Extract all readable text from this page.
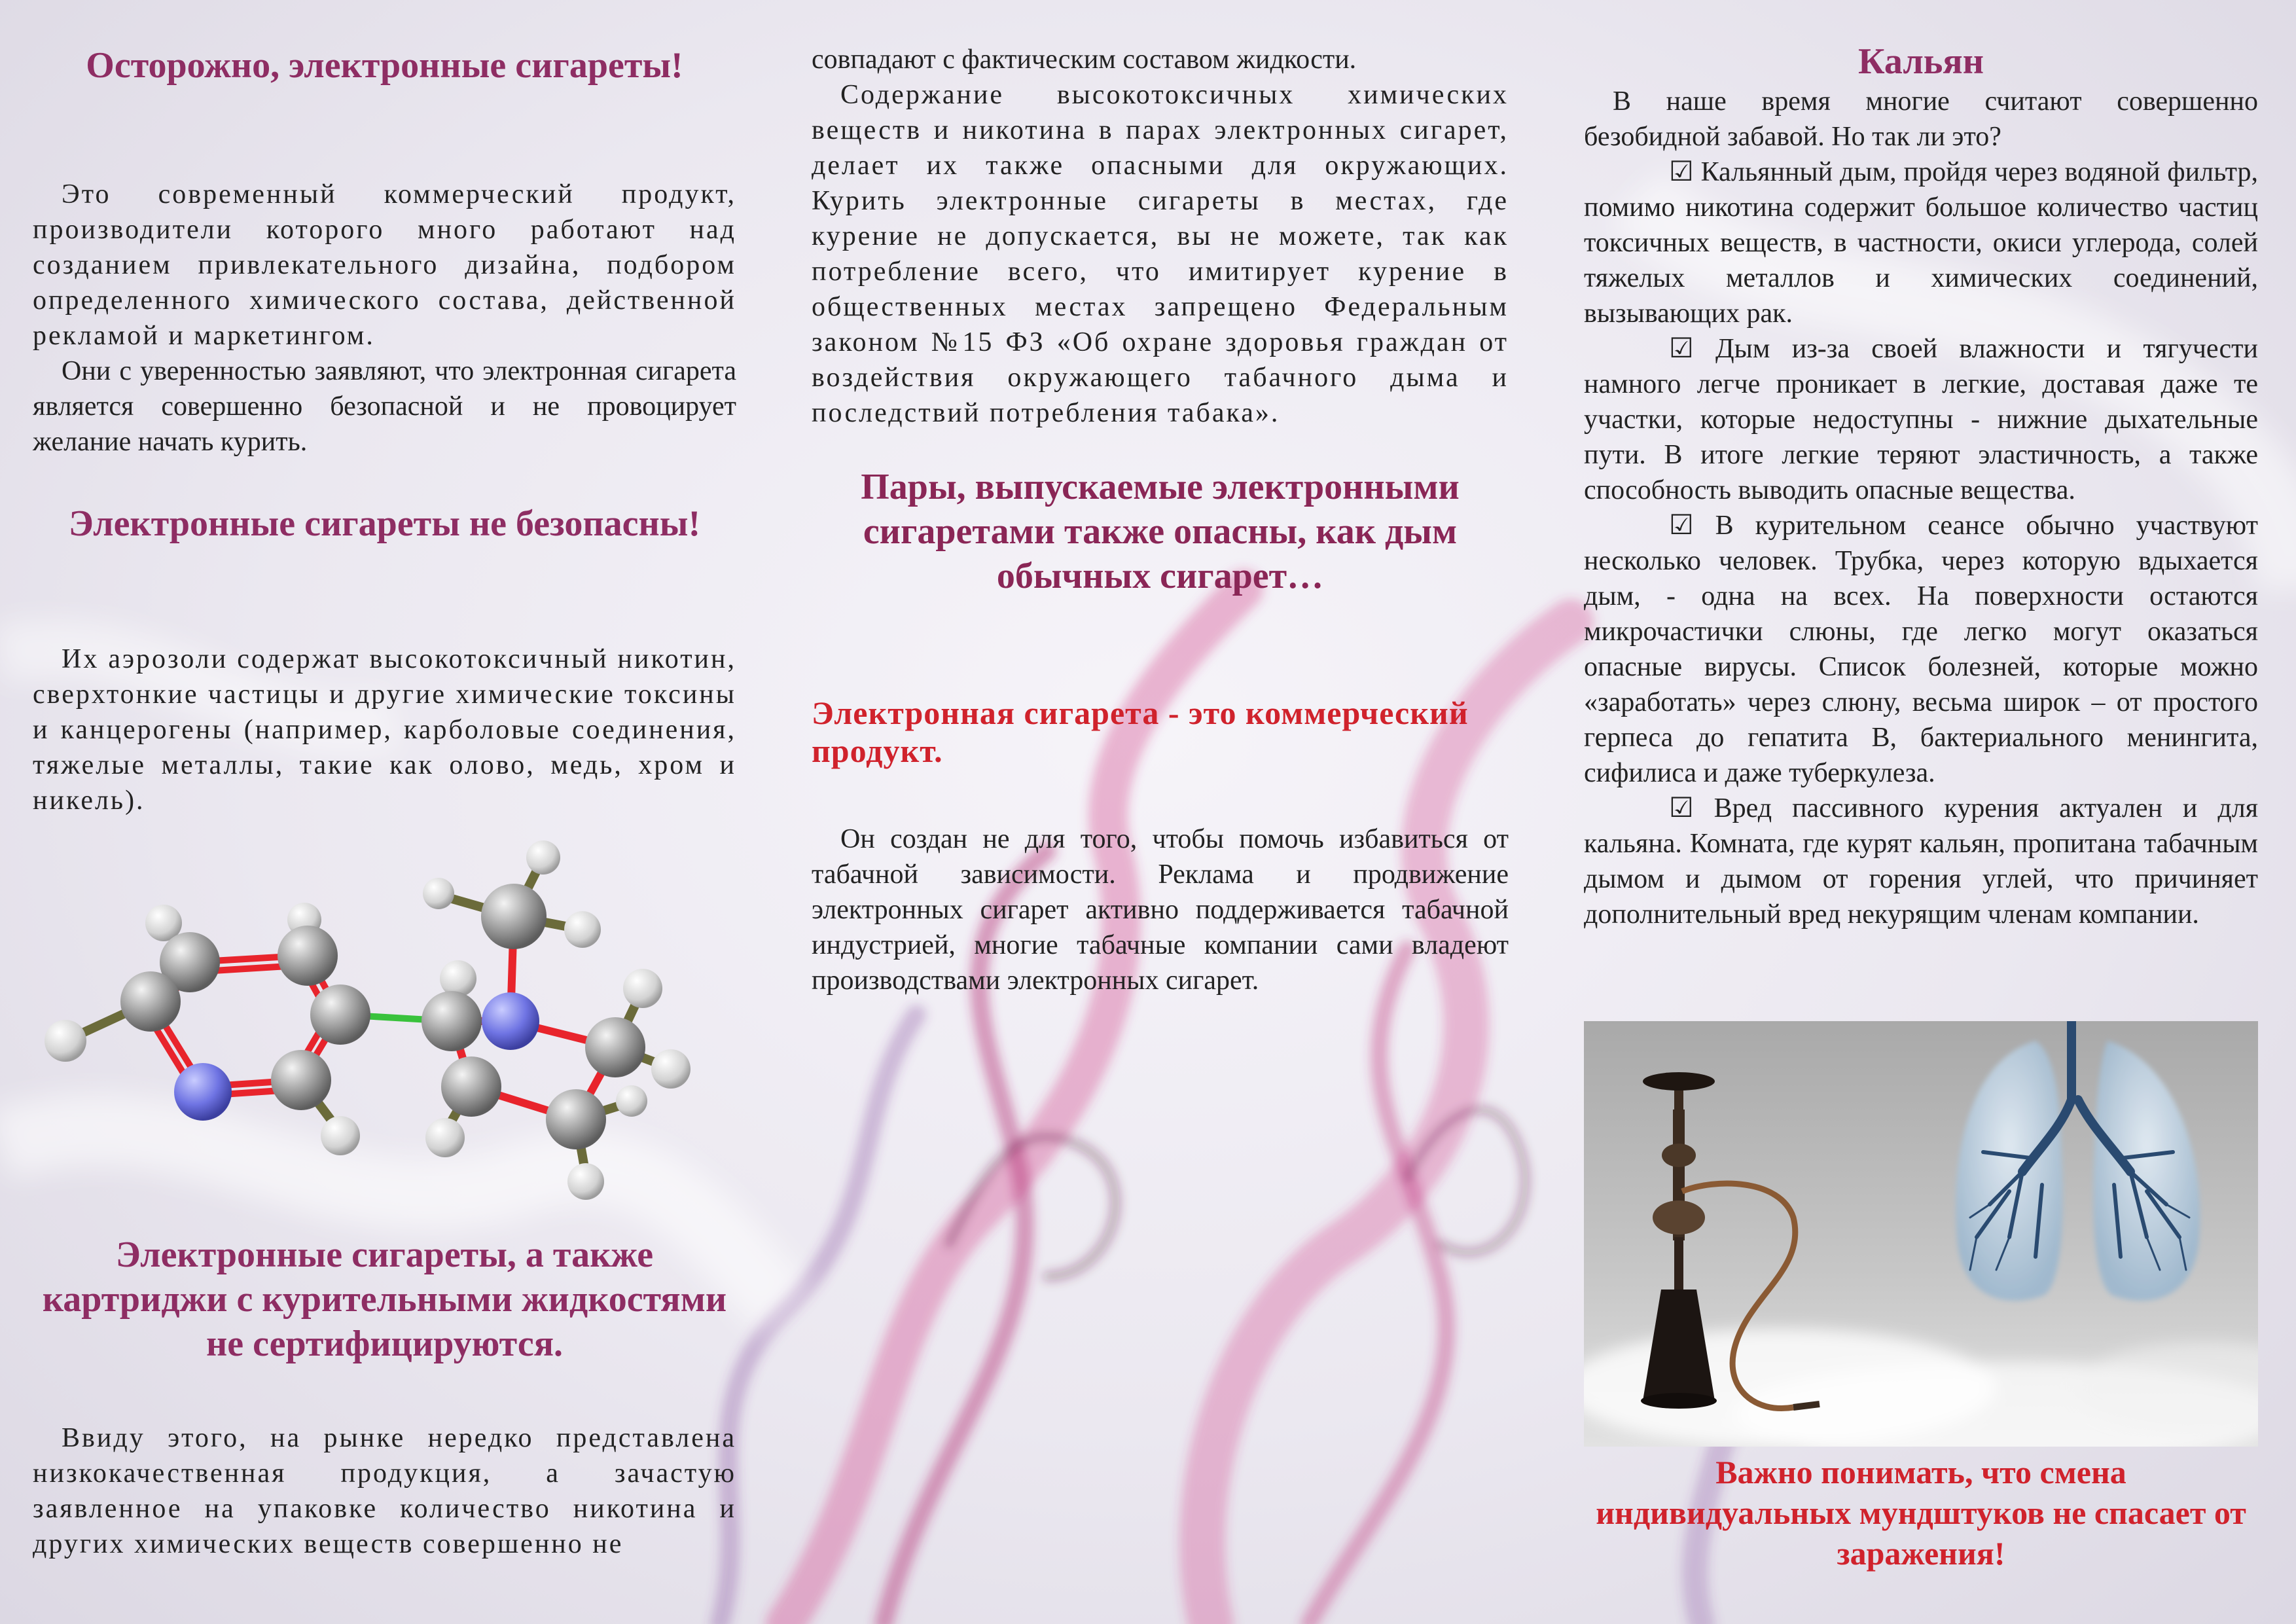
Осторожно, электронные сигареты!

Это современный коммерческий продукт, производители которого много работают над созданием привлекательного дизайна, подбором определенного химического состава, действенной рекламой и маркетингом.

Они с уверенностью заявляют, что электронная сигарета является совершенно безопасной и не провоцирует желание начать курить.

Электронные сигареты не безопасны!

Их аэрозоли содержат высокотоксичный никотин, сверхтонкие частицы и другие химические токсины и канцерогены (например, карболовые соединения, тяжелые металлы, такие как олово, медь, хром и никель).

Электронные сигареты, а также картриджи с курительными жидкостями не сертифицируются.

Ввиду этого, на рынке нередко представлена низкокачественная продукция, а зачастую заявленное на упаковке количество никотина и других химических веществ совершенно не

совпадают с фактическим составом жидкости.

Содержание высокотоксичных химических веществ и никотина в парах электронных сигарет, делает их также опасными для окружающих. Курить электронные сигареты в местах, где курение не допускается, вы не можете, так как потребление всего, что имитирует курение в общественных местах запрещено Федеральным законом №15 ФЗ «Об охране здоровья граждан от воздействия окружающего табачного дыма и последствий потребления табака».

Пары, выпускаемые электронными сигаретами также опасны, как дым обычных сигарет…
Электронная сигарета - это коммерческий продукт.

Он создан не для того, чтобы помочь избавиться от табачной зависимости. Реклама и продвижение электронных сигарет активно поддерживается табачной индустрией, многие табачные компании сами владеют производствами электронных сигарет.

Кальян

В наше время многие считают совершенно безобидной забавой. Но так ли это?

☑ Кальянный дым, пройдя через водяной фильтр, помимо никотина содержит большое количество частиц токсичных веществ, в частности, окиси углерода, солей тяжелых металлов и химических соединений, вызывающих рак.

☑ Дым из-за своей влажности и тягучести намного легче проникает в легкие, доставая даже те участки, которые недоступны - нижние дыхательные пути. В итоге легкие теряют эластичность, а также способность выводить опасные вещества.

☑ В курительном сеансе обычно участвуют несколько человек. Трубка, через которую вдыхается дым, - одна на всех. На поверхности остаются микрочастички слюны, где легко могут оказаться опасные вирусы. Список болезней, которые можно «заработать» через слюну, весьма широк – от простого герпеса до гепатита В, бактериального менингита, сифилиса и даже туберкулеза.

☑ Вред пассивного курения актуален и для кальяна. Комната, где курят кальян, пропитана табачным дымом и дымом от горения углей, что причиняет дополнительный вред некурящим членам компании.

Важно понимать, что смена индивидуальных мундштуков не спасает от заражения!
